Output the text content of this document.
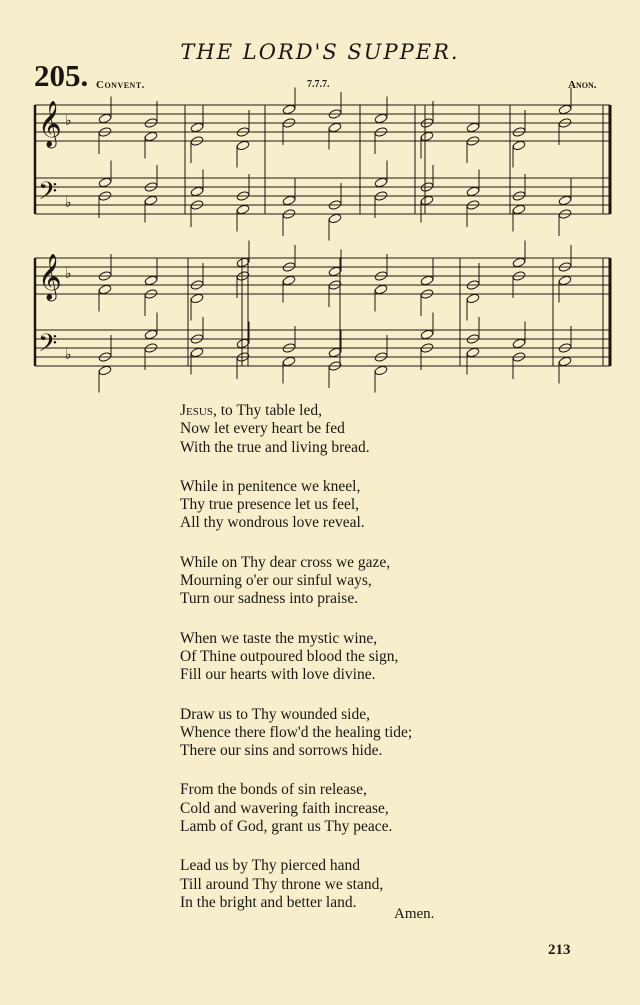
THE LORD'S SUPPER.
205. Convent.	7.7.7.	Anon.
𝄞
𝄢
♭
♭
𝄞
𝄢
♭
♭
Jesus, to Thy table led,
Now let every heart be fed
With the true and living bread.
While in penitence we kneel,
Thy true presence let us feel,
All thy wondrous love reveal.
While on Thy dear cross we gaze,
Mourning o'er our sinful ways,
Turn our sadness into praise.
When we taste the mystic wine,
Of Thine outpoured blood the sign,
Fill our hearts with love divine.
Draw us to Thy wounded side,
Whence there flow'd the healing tide;
There our sins and sorrows hide.
From the bonds of sin release,
Cold and wavering faith increase,
Lamb of God, grant us Thy peace.
Lead us by Thy pierced hand
Till around Thy throne we stand,
In the bright and better land.
Amen.
213
